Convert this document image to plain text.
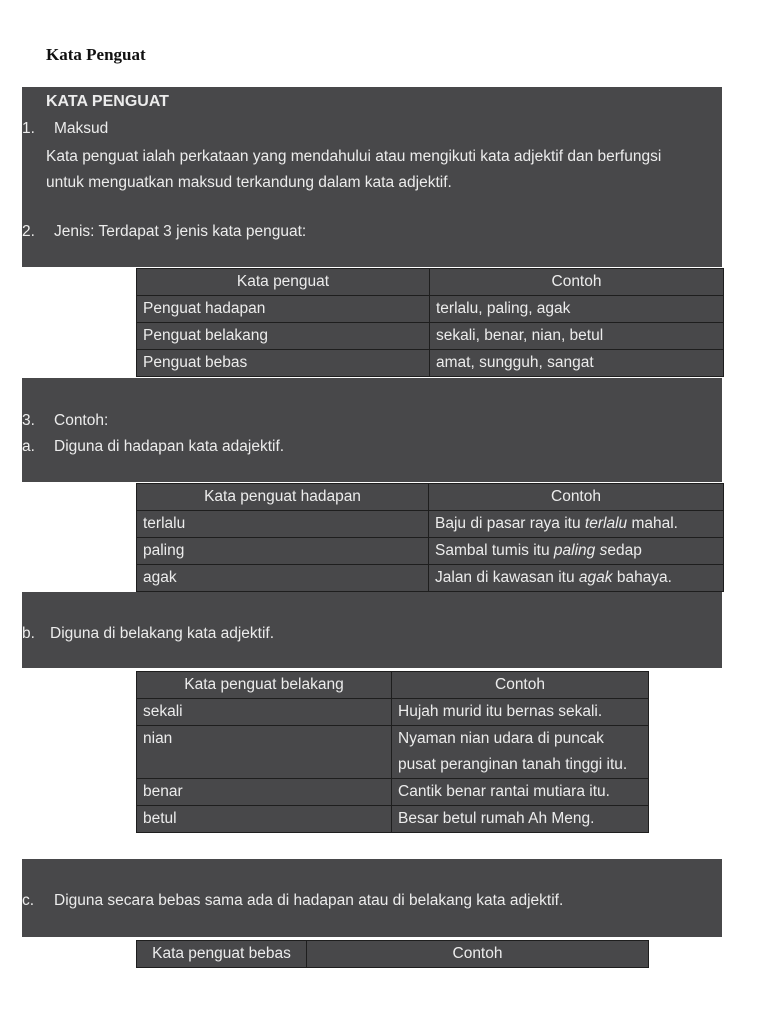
Kata Penguat
KATA PENGUAT
1. Maksud
Kata penguat ialah perkataan yang mendahului atau mengikuti kata adjektif dan berfungsi
untuk menguatkan maksud terkandung dalam kata adjektif.
2. Jenis: Terdapat 3 jenis kata penguat:
Kata penguat	Contoh
Penguat hadapan	terlalu, paling, agak
Penguat belakang	sekali, benar, nian, betul
Penguat bebas	amat, sungguh, sangat
3. Contoh:
a. Diguna di hadapan kata adajektif.
Kata penguat hadapan	Contoh
terlalu	Baju di pasar raya itu terlalu mahal.
paling	Sambal tumis itu paling sedap
agak	Jalan di kawasan itu agak bahaya.
b. Diguna di belakang kata adjektif.
Kata penguat belakang	Contoh
sekali	Hujah murid itu bernas sekali.
nian	Nyaman nian udara di puncak pusat peranginan tanah tinggi itu.
benar	Cantik benar rantai mutiara itu.
betul	Besar betul rumah Ah Meng.
c. Diguna secara bebas sama ada di hadapan atau di belakang kata adjektif.
Kata penguat bebas	Contoh
